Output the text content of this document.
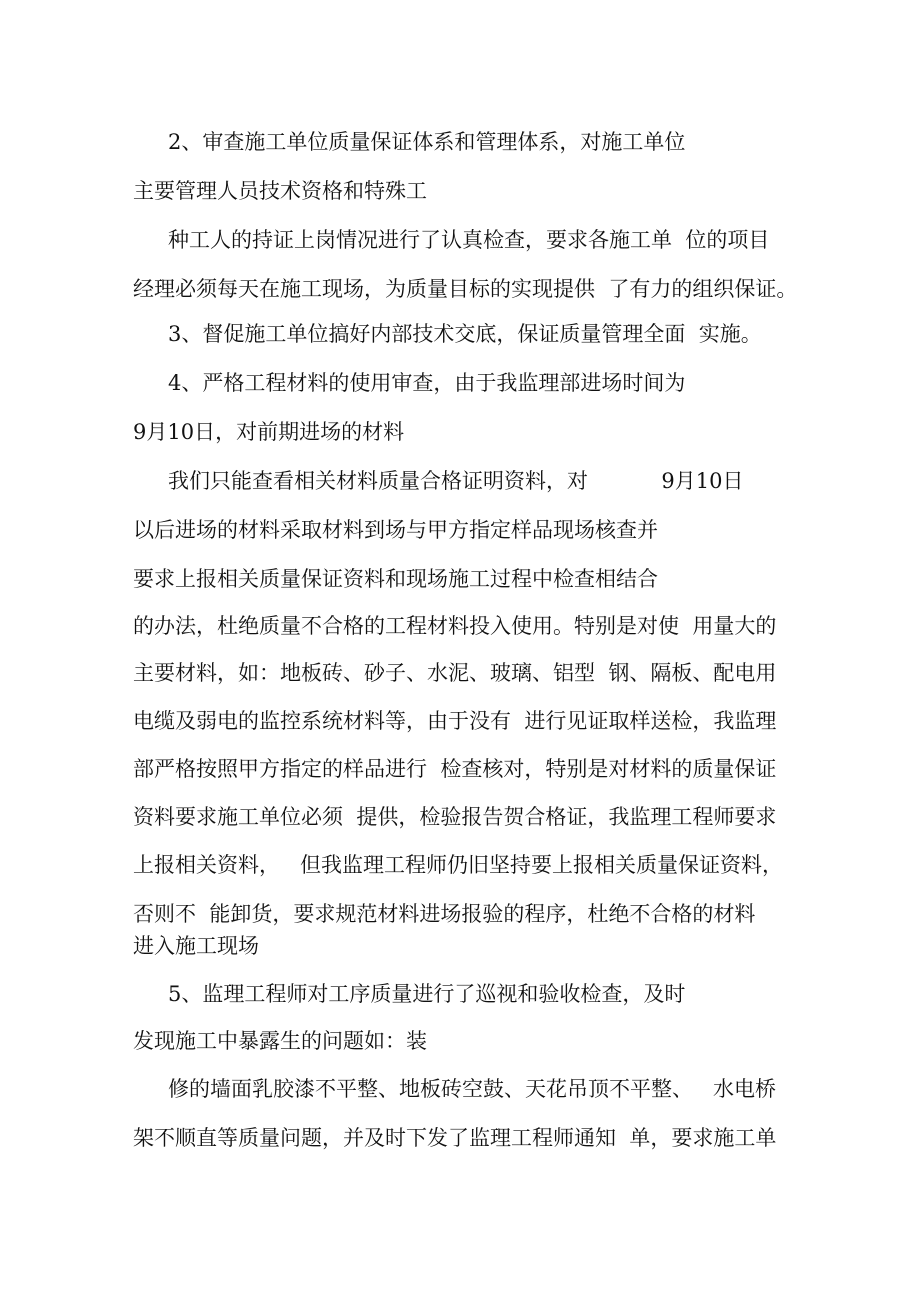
2、审查施工单位质量保证体系和管理体系，对施工单位

主要管理人员技术资格和特殊工

种工人的持证上岗情况进行了认真检查，要求各施工单  位的项目

经理必须每天在施工现场，为质量目标的实现提供  了有力的组织保证。

3、督促施工单位搞好内部技术交底，保证质量管理全面  实施。

4、严格工程材料的使用审查，由于我监理部进场时间为

9月10日，对前期进场的材料

我们只能查看相关材料质量合格证明资料，对           9月10日

以后进场的材料采取材料到场与甲方指定样品现场核查并

要求上报相关质量保证资料和现场施工过程中检查相结合

的办法，杜绝质量不合格的工程材料投入使用。特别是对使  用量大的

主要材料，如：地板砖、砂子、水泥、玻璃、铝型  钢、隔板、配电用

电缆及弱电的监控系统材料等，由于没有  进行见证取样送检，我监理

部严格按照甲方指定的样品进行  检查核对，特别是对材料的质量保证

资料要求施工单位必须  提供，检验报告贺合格证，我监理工程师要求

上报相关资料，   但我监理工程师仍旧坚持要上报相关质量保证资料，

否则不  能卸货，要求规范材料进场报验的程序，杜绝不合格的材料

进入施工现场

5、监理工程师对工序质量进行了巡视和验收检查，及时

发现施工中暴露生的问题如：装

修的墙面乳胶漆不平整、地板砖空鼓、天花吊顶不平整、   水电桥

架不顺直等质量问题，并及时下发了监理工程师通知  单，要求施工单
